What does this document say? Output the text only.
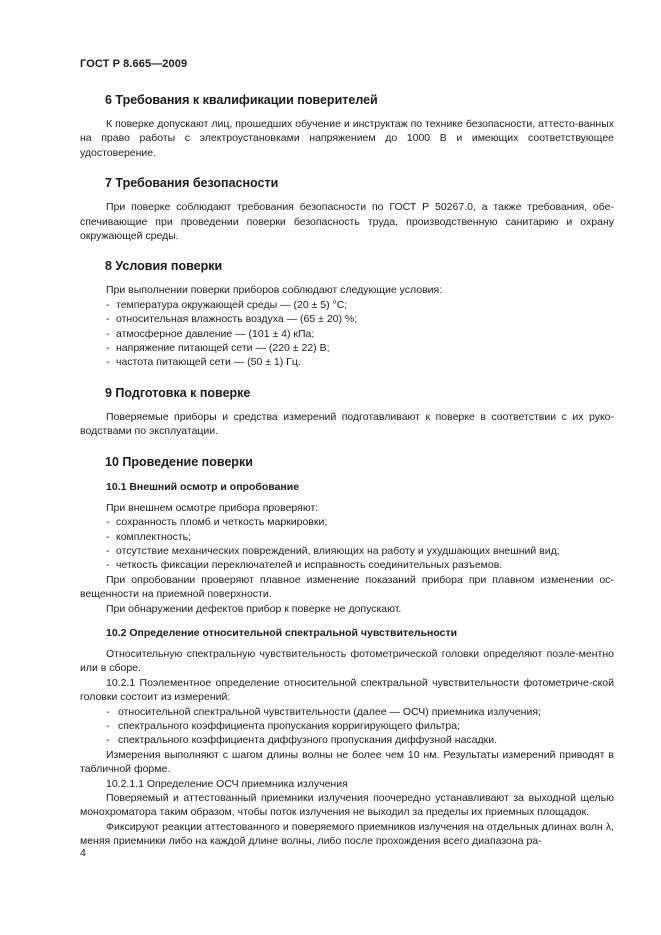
ГОСТ Р 8.665—2009
6 Требования к квалификации поверителей

К поверке допускают лиц, прошедших обучение и инструктаж по технике безопасности, аттесто-ванных на право работы с электроустановками напряжением до 1000 В и имеющих соответствующее удостоверение.

7 Требования безопасности

При поверке соблюдают требования безопасности по ГОСТ Р 50267.0, а также требования, обе-спечивающие при проведении поверки безопасность труда, производственную санитарию и охрану окружающей среды.

8 Условия поверки

При выполнении поверки приборов соблюдают следующие условия:

- температура окружающей среды — (20 ± 5) °С;

- относительная влажность воздуха — (65 ± 20) %;

- атмосферное давление — (101 ± 4) кПа;

- напряжение питающей сети — (220 ± 22) В;

- частота питающей сети — (50 ± 1) Гц.

9 Подготовка к поверке

Поверяемые приборы и средства измерений подготавливают к поверке в соответствии с их руко-водствами по эксплуатации.

10 Проведение поверки
10.1 Внешний осмотр и опробование

При внешнем осмотре прибора проверяют:

- сохранность пломб и четкость маркировки;

- комплектность;

- отсутствие механических повреждений, влияющих на работу и ухудшающих внешний вид;

- четкость фиксации переключателей и исправность соединительных разъемов.

При опробовании проверяют плавное изменение показаний прибора при плавном изменении ос-вещенности на приемной поверхности.

При обнаружении дефектов прибор к поверке не допускают.

10.2 Определение относительной спектральной чувствительности

Относительную спектральную чувствительность фотометрической головки определяют поэле-ментно или в сборе.

10.2.1 Поэлементное определение относительной спектральной чувствительности фотометриче-ской головки состоит из измерений:

- относительной спектральной чувствительности (далее — ОСЧ) приемника излучения;

- спектрального коэффициента пропускания корригирующего фильтра;

- спектрального коэффициента диффузного пропускания диффузной насадки.

Измерения выполняют с шагом длины волны не более чем 10 нм. Результаты измерений приводят в табличной форме.

10.2.1.1 Определение ОСЧ приемника излучения

Поверяемый и аттестованный приемники излучения поочередно устанавливают за выходной щелью монохроматора таким образом, чтобы поток излучения не выходил за пределы их приемных площадок.

Фиксируют реакции аттестованного и поверяемого приемников излучения на отдельных длинах волн λ, меняя приемники либо на каждой длине волны, либо после прохождения всего диапазона ра-

4
